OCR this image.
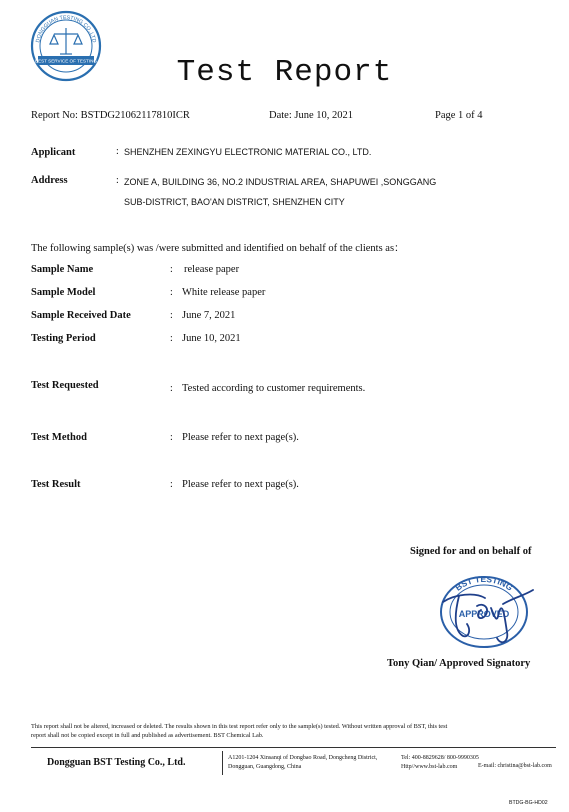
DONGGUAN TESTING CO.,LTD
BEST SERVICE OF TESTING	Test Report
Report No: BSTDG21062117810ICR	Date: June 10, 2021	Page 1 of 4
Applicant	: SHENZHEN ZEXINGYU ELECTRONIC MATERIAL CO., LTD.
Address	: ZONE A, BUILDING 36, NO.2 INDUSTRIAL AREA, SHAPUWEI ,SONGGANG
SUB-DISTRICT, BAO'AN DISTRICT, SHENZHEN CITY
The following sample(s) was /were submitted and identified on behalf of the clients as：
Sample Name	: release paper
Sample Model	: White release paper
Sample Received Date	: June 7, 2021
Testing Period	: June 10, 2021
Test Requested	: Tested according to customer requirements.
Test Method	: Please refer to next page(s).
Test Result	: Please refer to next page(s).
Signed for and on behalf of
BST TESTING
APPROVED
Tony Qian/ Approved Signatory
This report shall not be altered, increased or deleted. The results shown in this test report refer only to the sample(s) tested. Without written approval of BST, this test
report shall not be copied except in full and published as advertisement. BST Chemical Lab.
Dongguan BST Testing Co., Ltd.	A1201-1204 Xinsanqi of Dongbao Road, Dongcheng District,
Dongguan, Guangdong, China
Tel: 400-8829628/ 800-9990305
Http//www.bst-lab.com	E-mail: christina@bst-lab.com
BTDG-BG-HD02
